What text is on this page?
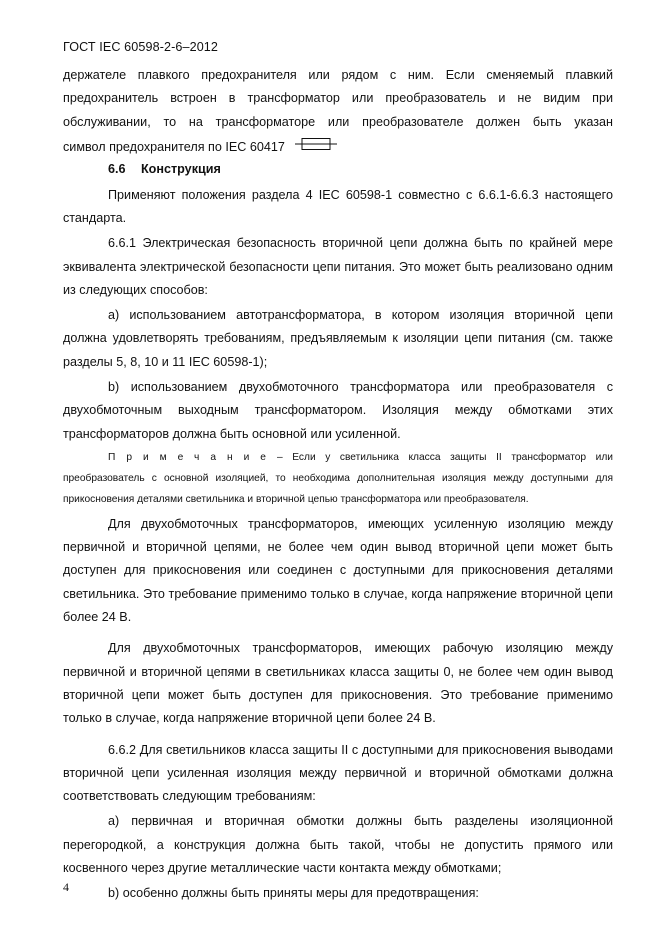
ГОСТ IEC 60598-2-6–2012

держателе плавкого предохранителя или рядом с ним. Если сменяемый плавкий предохранитель встроен в трансформатор или преобразователь и не видим при обслуживании, то на трансформаторе или преобразователе должен быть указан

символ предохранителя по IEC 60417

6.6 Конструкция

Применяют положения раздела 4 IEC 60598-1 совместно с 6.6.1-6.6.3 настоящего стандарта.

6.6.1 Электрическая безопасность вторичной цепи должна быть по крайней мере эквивалента электрической безопасности цепи питания. Это может быть реализовано одним из следующих способов:

а) использованием автотрансформатора, в котором изоляция вторичной цепи должна удовлетворять требованиям, предъявляемым к изоляции цепи питания (см. также разделы 5, 8, 10 и 11 IEC 60598-1);

b) использованием двухобмоточного трансформатора или преобразователя с двухобмоточным выходным трансформатором. Изоляция между обмотками этих трансформаторов должна быть основной или усиленной.

Примечание– Если у светильника класса защиты II трансформатор или преобразователь с основной изоляцией, то необходима дополнительная изоляция между доступными для прикосновения деталями светильника и вторичной цепью трансформатора или преобразователя.

Для двухобмоточных трансформаторов, имеющих усиленную изоляцию между первичной и вторичной цепями, не более чем один вывод вторичной цепи может быть доступен для прикосновения или соединен с доступными для прикосновения деталями светильника. Это требование применимо только в случае, когда напряжение вторичной цепи более 24 В.

Для двухобмоточных трансформаторов, имеющих рабочую изоляцию между первичной и вторичной цепями в светильниках класса защиты 0, не более чем один вывод вторичной цепи может быть доступен для прикосновения. Это требование применимо только в случае, когда напряжение вторичной цепи более 24 В.

6.6.2 Для светильников класса защиты II с доступными для прикосновения выводами вторичной цепи усиленная изоляция между первичной и вторичной обмотками должна соответствовать следующим требованиям:

a) первичная и вторичная обмотки должны быть разделены изоляционной перегородкой, а конструкция должна быть такой, чтобы не допустить прямого или косвенного через другие металлические части контакта между обмотками;

b) особенно должны быть приняты меры для предотвращения:

4
